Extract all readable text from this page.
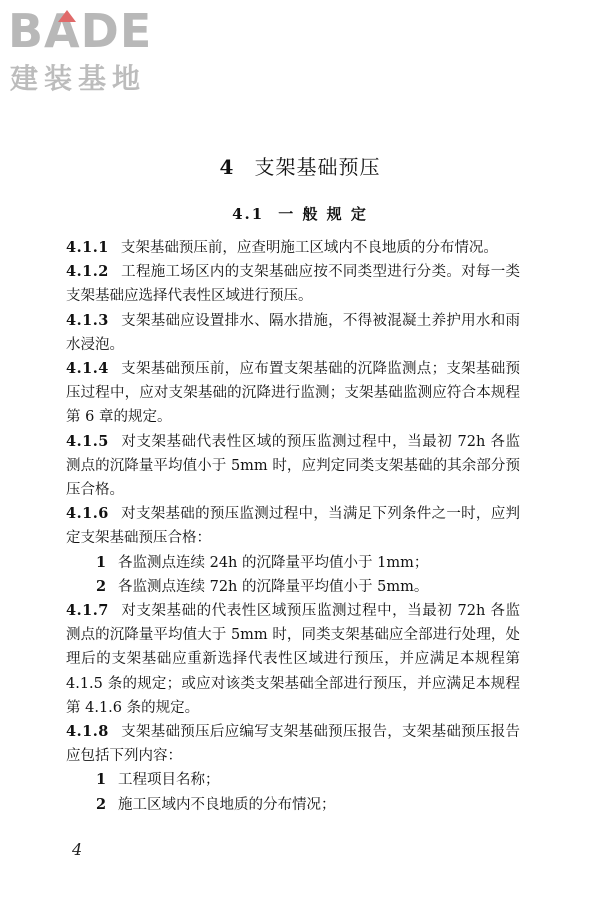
BADE
建装基地
4 支架基础预压
4.1 一 般 规 定

4.1.1 支架基础预压前，应查明施工区域内不良地质的分布情况。

4.1.2 工程施工场区内的支架基础应按不同类型进行分类。对每一类支架基础应选择代表性区域进行预压。

4.1.3 支架基础应设置排水、隔水措施，不得被混凝土养护用水和雨水浸泡。

4.1.4 支架基础预压前，应布置支架基础的沉降监测点；支架基础预压过程中，应对支架基础的沉降进行监测；支架基础监测应符合本规程第 6 章的规定。

4.1.5 对支架基础代表性区域的预压监测过程中，当最初 72h 各监测点的沉降量平均值小于 5mm 时，应判定同类支架基础的其余部分预压合格。

4.1.6 对支架基础的预压监测过程中，当满足下列条件之一时，应判定支架基础预压合格：

1 各监测点连续 24h 的沉降量平均值小于 1mm；

2 各监测点连续 72h 的沉降量平均值小于 5mm。

4.1.7 对支架基础的代表性区域预压监测过程中，当最初 72h 各监测点的沉降量平均值大于 5mm 时，同类支架基础应全部进行处理，处理后的支架基础应重新选择代表性区域进行预压，并应满足本规程第 4.1.5 条的规定；或应对该类支架基础全部进行预压，并应满足本规程第 4.1.6 条的规定。

4.1.8 支架基础预压后应编写支架基础预压报告，支架基础预压报告应包括下列内容：

1 工程项目名称；

2 施工区域内不良地质的分布情况；

4
